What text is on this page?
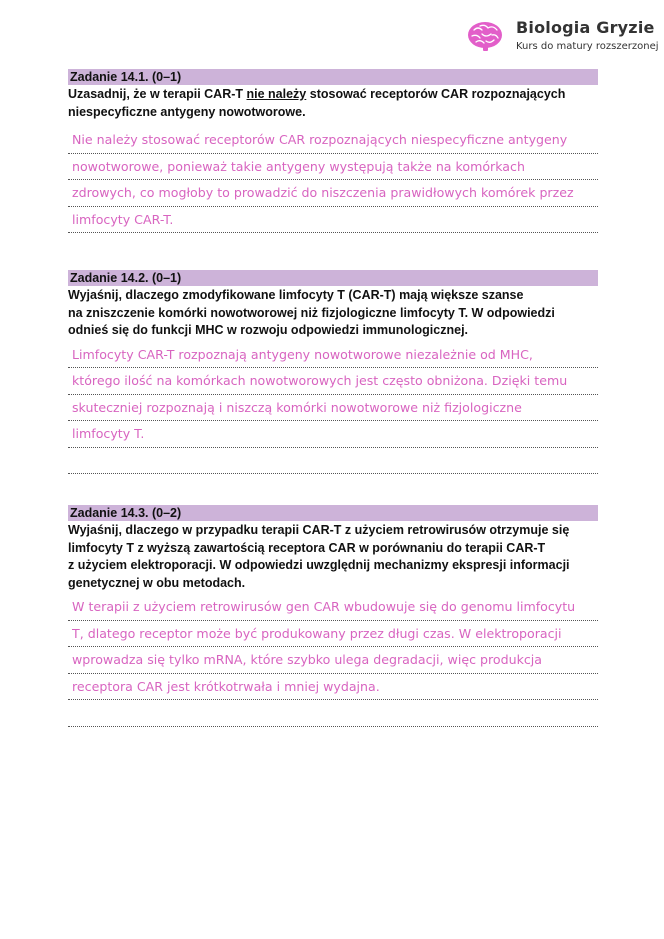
Biologia Gryzie
Kurs do matury rozszerzonej
Zadanie 14.1. (0–1)
Uzasadnij, że w terapii CAR-T nie należy stosować receptorów CAR rozpoznających niespecyficzne antygeny nowotworowe.
Nie należy stosować receptorów CAR rozpoznających niespecyficzne antygeny
nowotworowe, ponieważ takie antygeny występują także na komórkach
zdrowych, co mogłoby to prowadzić do niszczenia prawidłowych komórek przez
limfocyty CAR-T.
Zadanie 14.2. (0–1)
Wyjaśnij, dlaczego zmodyfikowane limfocyty T (CAR-T) mają większe szanse
na zniszczenie komórki nowotworowej niż fizjologiczne limfocyty T. W odpowiedzi
odnieś się do funkcji MHC w rozwoju odpowiedzi immunologicznej.
Limfocyty CAR-T rozpoznają antygeny nowotworowe niezależnie od MHC,
którego ilość na komórkach nowotworowych jest często obniżona. Dzięki temu
skuteczniej rozpoznają i niszczą komórki nowotworowe niż fizjologiczne
limfocyty T.
Zadanie 14.3. (0–2)
Wyjaśnij, dlaczego w przypadku terapii CAR-T z użyciem retrowirusów otrzymuje się
limfocyty T z wyższą zawartością receptora CAR w porównaniu do terapii CAR-T
z użyciem elektroporacji. W odpowiedzi uwzględnij mechanizmy ekspresji informacji
genetycznej w obu metodach.
W terapii z użyciem retrowirusów gen CAR wbudowuje się do genomu limfocytu
T, dlatego receptor może być produkowany przez długi czas. W elektroporacji
wprowadza się tylko mRNA, które szybko ulega degradacji, więc produkcja
receptora CAR jest krótkotrwała i mniej wydajna.
